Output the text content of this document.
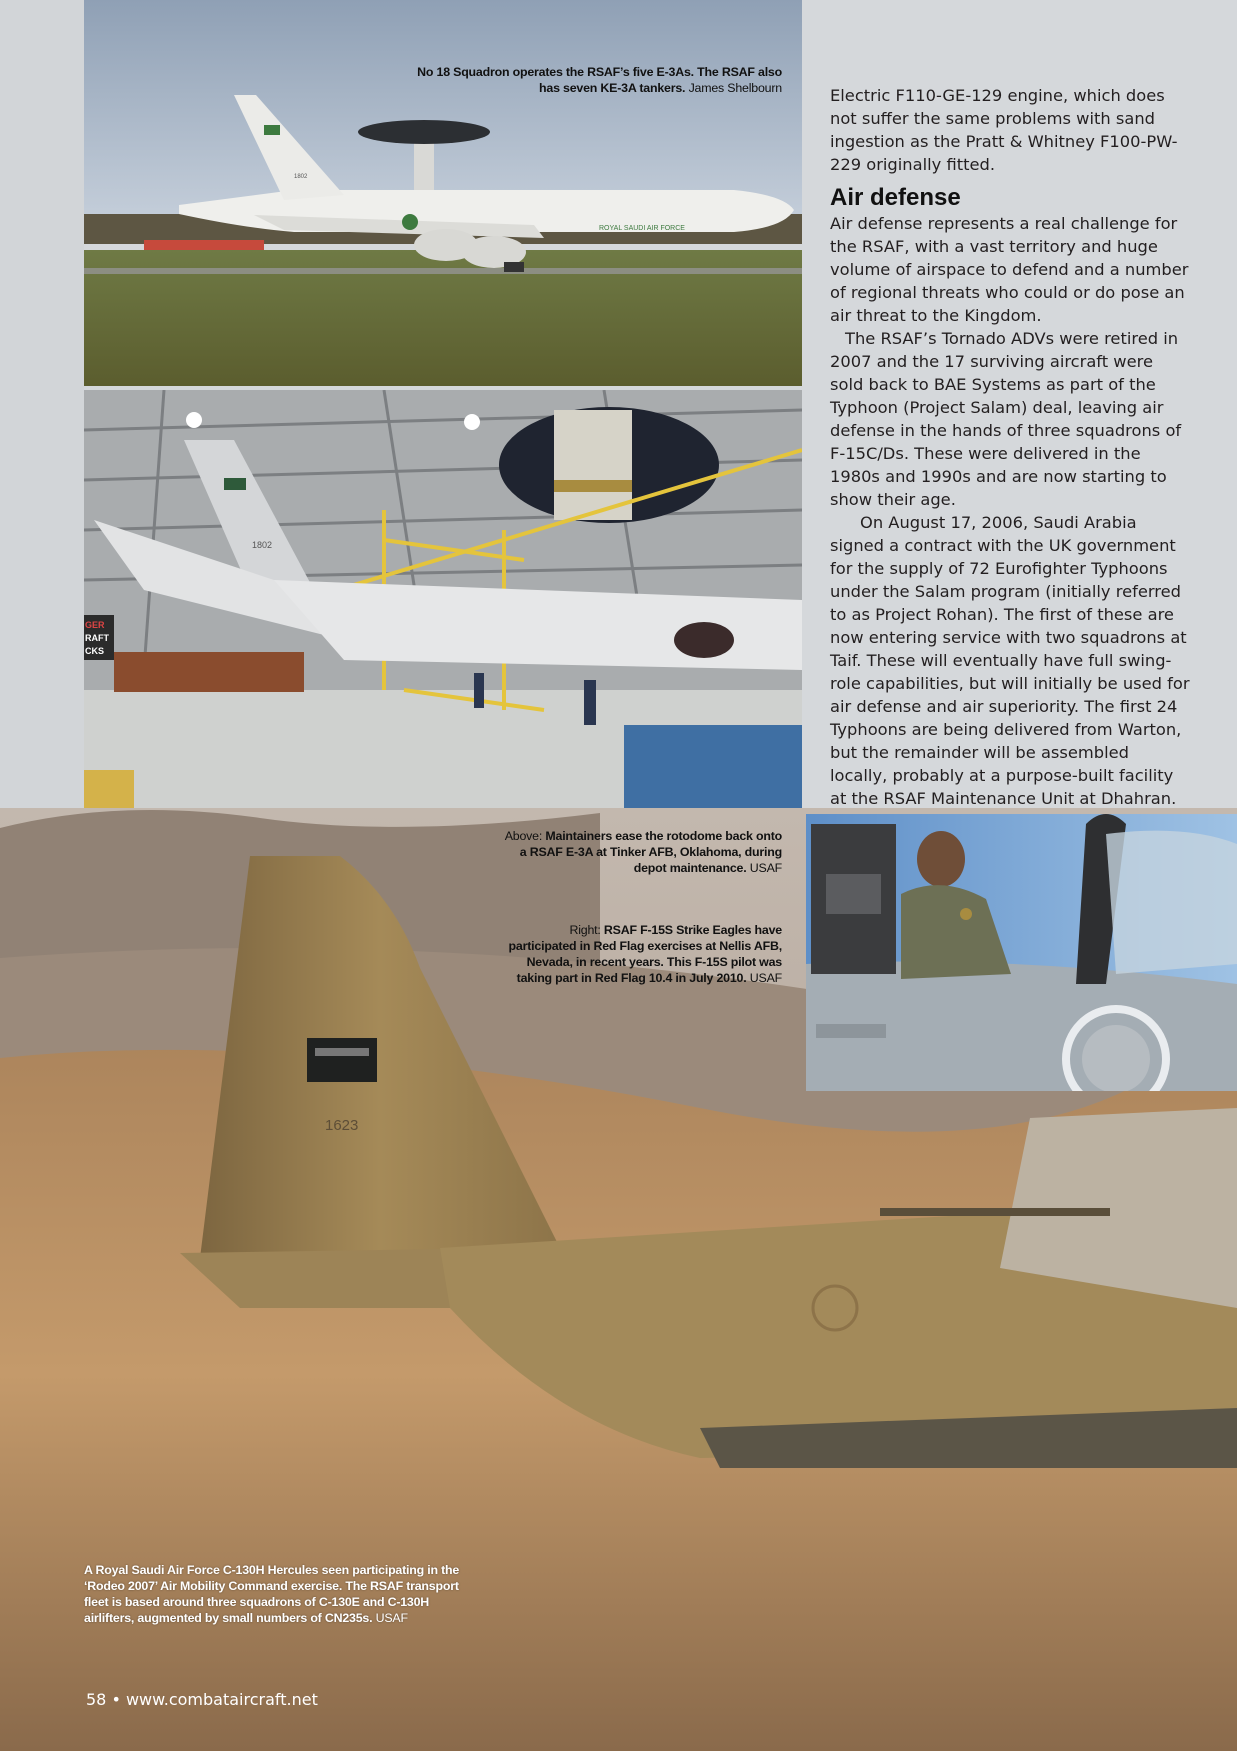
ROYAL SAUDI AIR FORCE
1802
1802
GER
RAFT
CKS
1623
No 18 Squadron operates the RSAF’s five E-3As. The RSAF also has seven KE-3A tankers. James Shelbourn
Above: Maintainers ease the rotodome back onto a RSAF E-3A at Tinker AFB, Oklahoma, during depot maintenance. USAF
Right: RSAF F-15S Strike Eagles have participated in Red Flag exercises at Nellis AFB, Nevada, in recent years. This F-15S pilot was taking part in Red Flag 10.4 in July 2010. USAF
A Royal Saudi Air Force C-130H Hercules seen participating in the ‘Rodeo 2007’ Air Mobility Command exercise. The RSAF transport fleet is based around three squadrons of C-130E and C-130H airlifters, augmented by small numbers of CN235s. USAF

Electric F110-GE-129 engine, which does not suffer the same problems with sand ingestion as the Pratt & Whitney F100-PW-229 originally fitted.

Air defense

Air defense represents a real challenge for the RSAF, with a vast territory and huge volume of airspace to defend and a number of regional threats who could or do pose an air threat to the Kingdom.

The RSAF’s Tornado ADVs were retired in 2007 and the 17 surviving aircraft were sold back to BAE Systems as part of the Typhoon (Project Salam) deal, leaving air defense in the hands of three squadrons of F-15C/Ds. These were delivered in the 1980s and 1990s and are now starting to show their age.

On August 17, 2006, Saudi Arabia signed a contract with the UK government for the supply of 72 Eurofighter Typhoons under the Salam program (initially referred to as Project Rohan). The first of these are now entering service with two squadrons at Taif. These will eventually have full swing-role capabilities, but will initially be used for air defense and air superiority. The first 24 Typhoons are being delivered from Warton, but the remainder will be assembled locally, probably at a purpose-built facility at the RSAF Maintenance Unit at Dhahran.

58 • www.combataircraft.net
